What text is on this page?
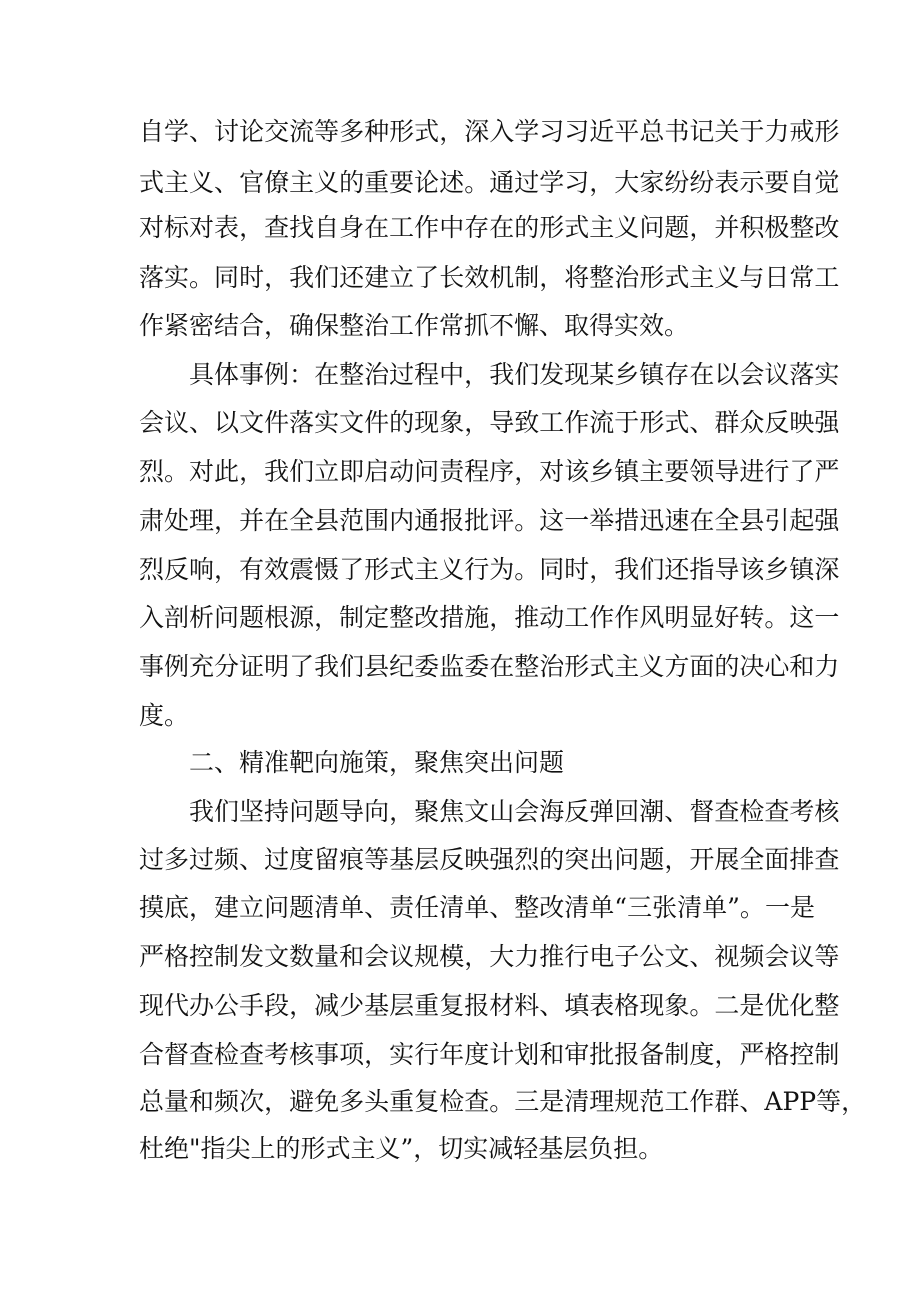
自 学 、 讨 论 交 流 等 多 种 形 式 ， 深 入 学 习 习 近 平 总 书 记 关 于 力 戒 形
式 主 义 、 官 僚 主 义 的 重 要 论 述 。 通 过 学 习 ， 大 家 纷 纷 表 示 要 自 觉
对 标 对 表 ， 查 找 自 身 在 工 作 中 存 在 的 形 式 主 义 问 题 ， 并 积 极 整 改
落 实 。 同 时 ， 我 们 还 建 立 了 长 效 机 制 ， 将 整 治 形 式 主 义 与 日 常 工
作紧密结合，确保整治工作常抓不懈、取得实效。
具 体 事 例 ： 在 整 治 过 程 中 ， 我 们 发 现 某 乡 镇 存 在 以 会 议 落 实
会 议 、 以 文 件 落 实 文 件 的 现 象 ， 导 致 工 作 流 于 形 式 、 群 众 反 映 强
烈 。 对 此 ， 我 们 立 即 启 动 问 责 程 序 ， 对 该 乡 镇 主 要 领 导 进 行 了 严
肃 处 理 ， 并 在 全 县 范 围 内 通 报 批 评 。 这 一 举 措 迅 速 在 全 县 引 起 强
烈 反 响 ， 有 效 震 慑 了 形 式 主 义 行 为 。 同 时 ， 我 们 还 指 导 该 乡 镇 深
入 剖 析 问 题 根 源 ， 制 定 整 改 措 施 ， 推 动 工 作 作 风 明 显 好 转 。 这 一
事 例 充 分 证 明 了 我 们 县 纪 委 监 委 在 整 治 形 式 主 义 方 面 的 决 心 和 力
度。
二、精准靶向施策，聚焦突出问题
我 们 坚 持 问 题 导 向 ， 聚 焦 文 山 会 海 反 弹 回 潮 、 督 查 检 查 考 核
过 多 过 频 、 过 度 留 痕 等 基 层 反 映 强 烈 的 突 出 问 题 ， 开 展 全 面 排 查
摸 底 ， 建 立 问 题 清 单 、 责 任 清 单 、 整 改 清 单 “ 三 张 清 单 ” 。 一 是
严 格 控 制 发 文 数 量 和 会 议 规 模 ， 大 力 推 行 电 子 公 文 、 视 频 会 议 等
现 代 办 公 手 段 ， 减 少 基 层 重 复 报 材 料 、 填 表 格 现 象 。 二 是 优 化 整
合 督 查 检 查 考 核 事 项 ， 实 行 年 度 计 划 和 审 批 报 备 制 度 ， 严 格 控 制
总 量 和 频 次 ， 避 免 多 头 重 复 检 查 。 三 是 清 理 规 范 工 作 群 、 APP 等 ，
杜绝"指尖上的形式主义”，切实减轻基层负担。
